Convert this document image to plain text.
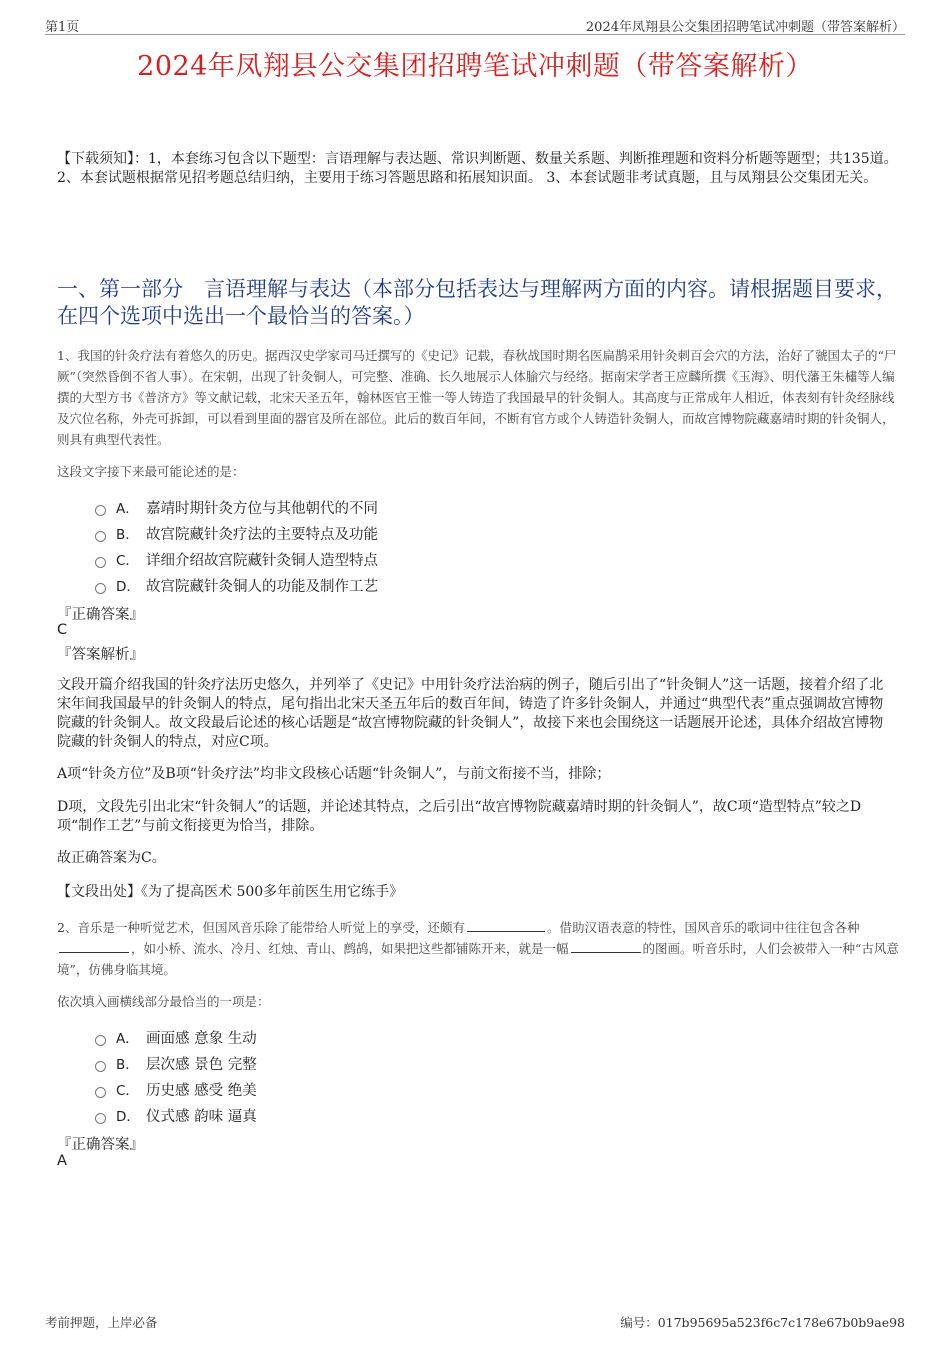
第1页	2024年凤翔县公交集团招聘笔试冲刺题（带答案解析）
2024年凤翔县公交集团招聘笔试冲刺题（带答案解析）
【下载须知】：1，本套练习包含以下题型：言语理解与表达题、常识判断题、数量关系题、判断推理题和资料分析题等题型；共135道。 2、本套试题根据常见招考题总结归纳，主要用于练习答题思路和拓展知识面。 3、本套试题非考试真题，且与凤翔县公交集团无关。
一、第一部分　言语理解与表达（本部分包括表达与理解两方面的内容。请根据题目要求，在四个选项中选出一个最恰当的答案。）
1、我国的针灸疗法有着悠久的历史。据西汉史学家司马迁撰写的《史记》记载，春秋战国时期名医扁鹊采用针灸刺百会穴的方法，治好了虢国太子的“尸厥”（突然昏倒不省人事）。在宋朝，出现了针灸铜人，可完整、准确、长久地展示人体腧穴与经络。据南宋学者王应麟所撰《玉海》、明代藩王朱橚等人编撰的大型方书《普济方》等文献记载，北宋天圣五年，翰林医官王惟一等人铸造了我国最早的针灸铜人。其高度与正常成年人相近，体表刻有针灸经脉线及穴位名称，外壳可拆卸，可以看到里面的器官及所在部位。此后的数百年间，不断有官方或个人铸造针灸铜人，而故宫博物院藏嘉靖时期的针灸铜人，则具有典型代表性。
这段文字接下来最可能论述的是：
A． 嘉靖时期针灸方位与其他朝代的不同
B． 故宫院藏针灸疗法的主要特点及功能
C． 详细介绍故宫院藏针灸铜人造型特点
D． 故宫院藏针灸铜人的功能及制作工艺
『正确答案』
C
『答案解析』
文段开篇介绍我国的针灸疗法历史悠久，并列举了《史记》中用针灸疗法治病的例子，随后引出了“针灸铜人”这一话题，接着介绍了北宋年间我国最早的针灸铜人的特点，尾句指出北宋天圣五年后的数百年间，铸造了许多针灸铜人，并通过“典型代表”重点强调故宫博物院藏的针灸铜人。故文段最后论述的核心话题是“故宫博物院藏的针灸铜人”，故接下来也会围绕这一话题展开论述，具体介绍故宫博物院藏的针灸铜人的特点，对应C项。
A项“针灸方位”及B项“针灸疗法”均非文段核心话题“针灸铜人”，与前文衔接不当，排除；
D项，文段先引出北宋“针灸铜人”的话题，并论述其特点，之后引出“故宫博物院藏嘉靖时期的针灸铜人”，故C项“造型特点”较之D项“制作工艺”与前文衔接更为恰当，排除。
故正确答案为C。
【文段出处】《为了提高医术 500多年前医生用它练手》
2、音乐是一种听觉艺术，但国风音乐除了能带给人听觉上的享受，还颇有	。借助汉语表意的特性，国风音乐的歌词中往往包含各种，如小桥、流水、冷月、红烛、青山、鹧鸪，如果把这些都铺陈开来，就是一幅	的图画。听音乐时，人们会被带入一种“古风意境”，仿佛身临其境。
依次填入画横线部分最恰当的一项是：
A． 画面感 意象 生动
B． 层次感 景色 完整
C． 历史感 感受 绝美
D． 仪式感 韵味 逼真
『正确答案』
A
考前押题，上岸必备	编号：017b95695a523f6c7c178e67b0b9ae98
